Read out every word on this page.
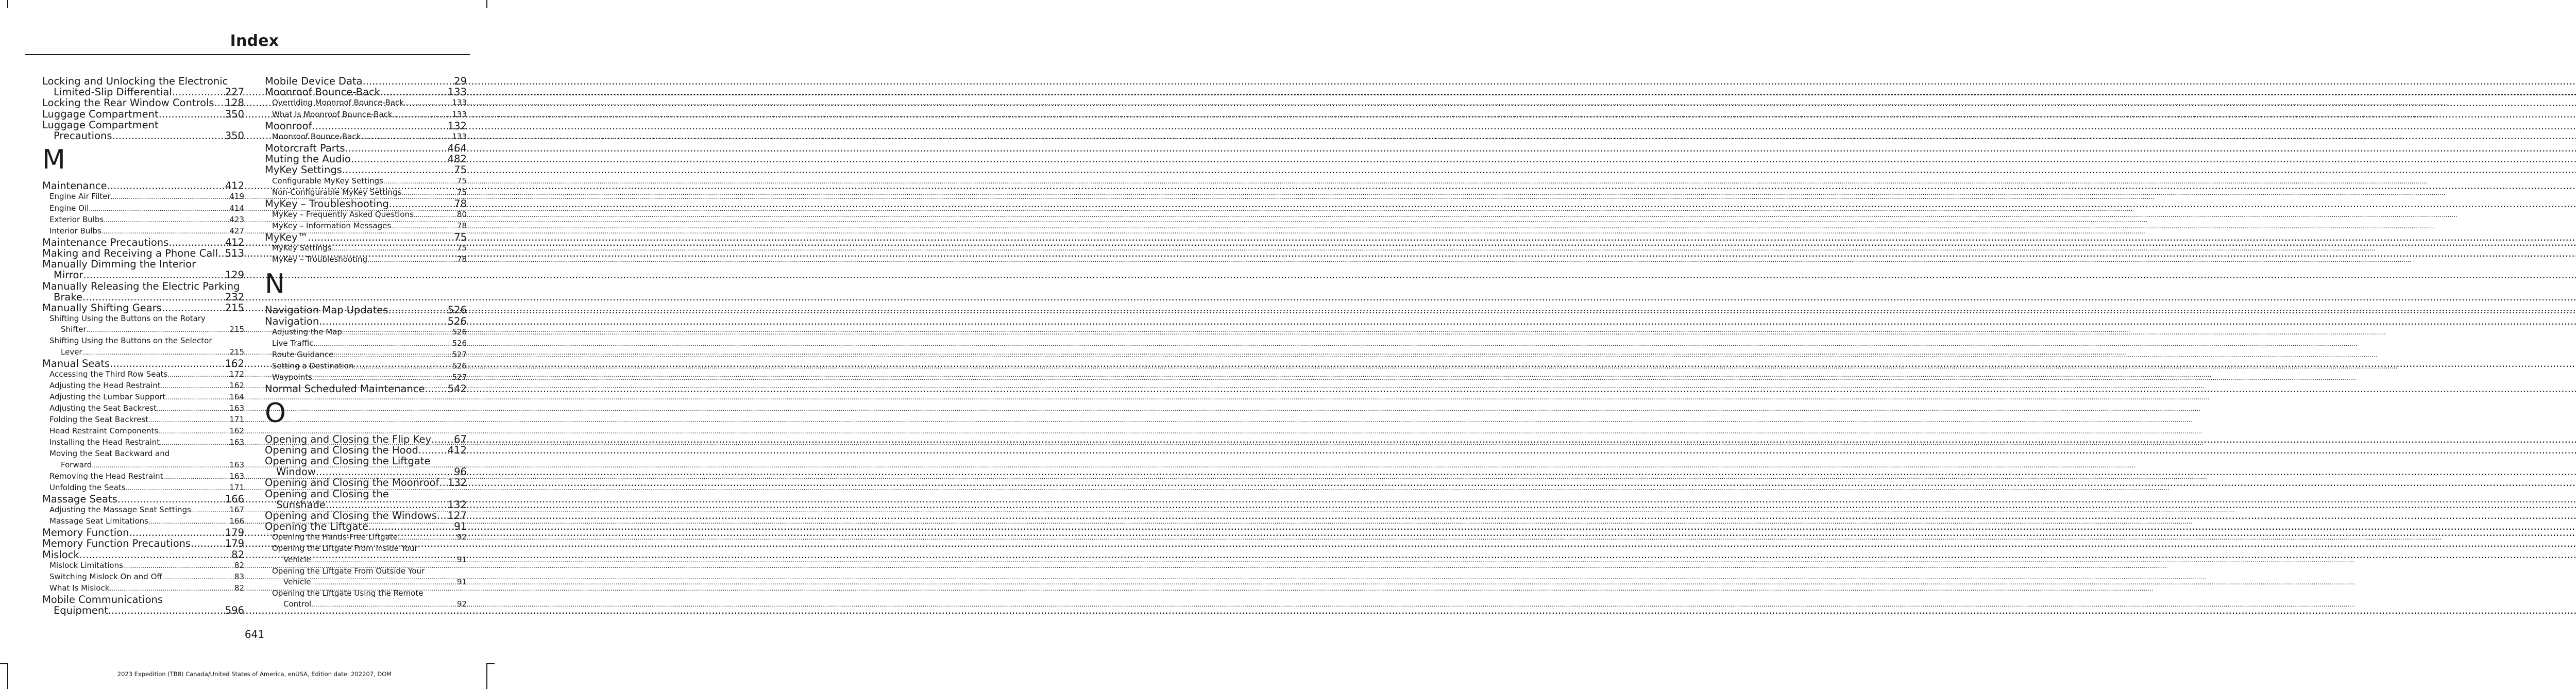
Index
Locking and Unlocking the Electronic
Limited-Slip Differential .....	227
Locking the Rear Window Controls ..... 128
Luggage Compartment .....	350
Luggage Compartment
Precautions .....	350
M
Maintenance .....	412
Engine Air Filter .....	419
Engine Oil .....	414
Exterior Bulbs .....	423
Interior Bulbs .....	427
Maintenance Precautions .....	412
Making and Receiving a Phone Call ..... 513
Manually Dimming the Interior
Mirror .....	129
Manually Releasing the Electric Parking
Brake .....	232
Manually Shifting Gears .....	215
Shifting Using the Buttons on the Rotary
Shifter .....	215
Shifting Using the Buttons on the Selector
Lever .....	215
Manual Seats .....	162
Accessing the Third Row Seats .....	172
Adjusting the Head Restraint .....	162
Adjusting the Lumbar Support .....	164
Adjusting the Seat Backrest .....	163
Folding the Seat Backrest .....	171
Head Restraint Components .....	162
Installing the Head Restraint .....	163
Moving the Seat Backward and
Forward .....	163
Removing the Head Restraint .....	163
Unfolding the Seats .....	171
Massage Seats .....	166
Adjusting the Massage Seat Settings .....	167
Massage Seat Limitations .....	166
Memory Function .....	179
Memory Function Precautions .....	179
Mislock .....	82
Mislock Limitations .....	82
Switching Mislock On and Off .....	83
What Is Mislock .....	82
Mobile Communications
Equipment .....	596
Mobile Device Data .....	29
Moonroof Bounce-Back .....	133
Overriding Moonroof Bounce-Back .....	133
What Is Moonroof Bounce-Back .....	133
Moonroof .....	132
Moonroof Bounce-Back .....	133
Motorcraft Parts .....	464
Muting the Audio .....	482
MyKey Settings .....	75
Configurable MyKey Settings .....	75
Non-Configurable MyKey Settings .....	75
MyKey – Troubleshooting .....	78
MyKey – Frequently Asked Questions .....	80
MyKey – Information Messages .....	78
MyKey™ .....	75
MyKey Settings .....	75
MyKey – Troubleshooting .....	78
N
Navigation Map Updates .....	526
Navigation .....	526
Adjusting the Map .....	526
Live Traffic .....	526
Route Guidance .....	527
Setting a Destination .....	526
Waypoints .....	527
Normal Scheduled Maintenance ..... 542
O
Opening and Closing the Flip Key ..... 67
Opening and Closing the Hood .....	412
Opening and Closing the Liftgate
Window .....	96
Opening and Closing the Moonroof ..... 132
Opening and Closing the
Sunshade .....	132
Opening and Closing the Windows ..... 127
Opening the Liftgate .....	91
Opening the Hands-Free Liftgate .....	92
Opening the Liftgate From Inside Your
Vehicle .....	91
Opening the Liftgate From Outside Your
Vehicle .....	91
Opening the Liftgate Using the Remote
Control .....	92
641
2023 Expedition (TB8) Canada/United States of America, enUSA, Edition date: 202207, DOM
